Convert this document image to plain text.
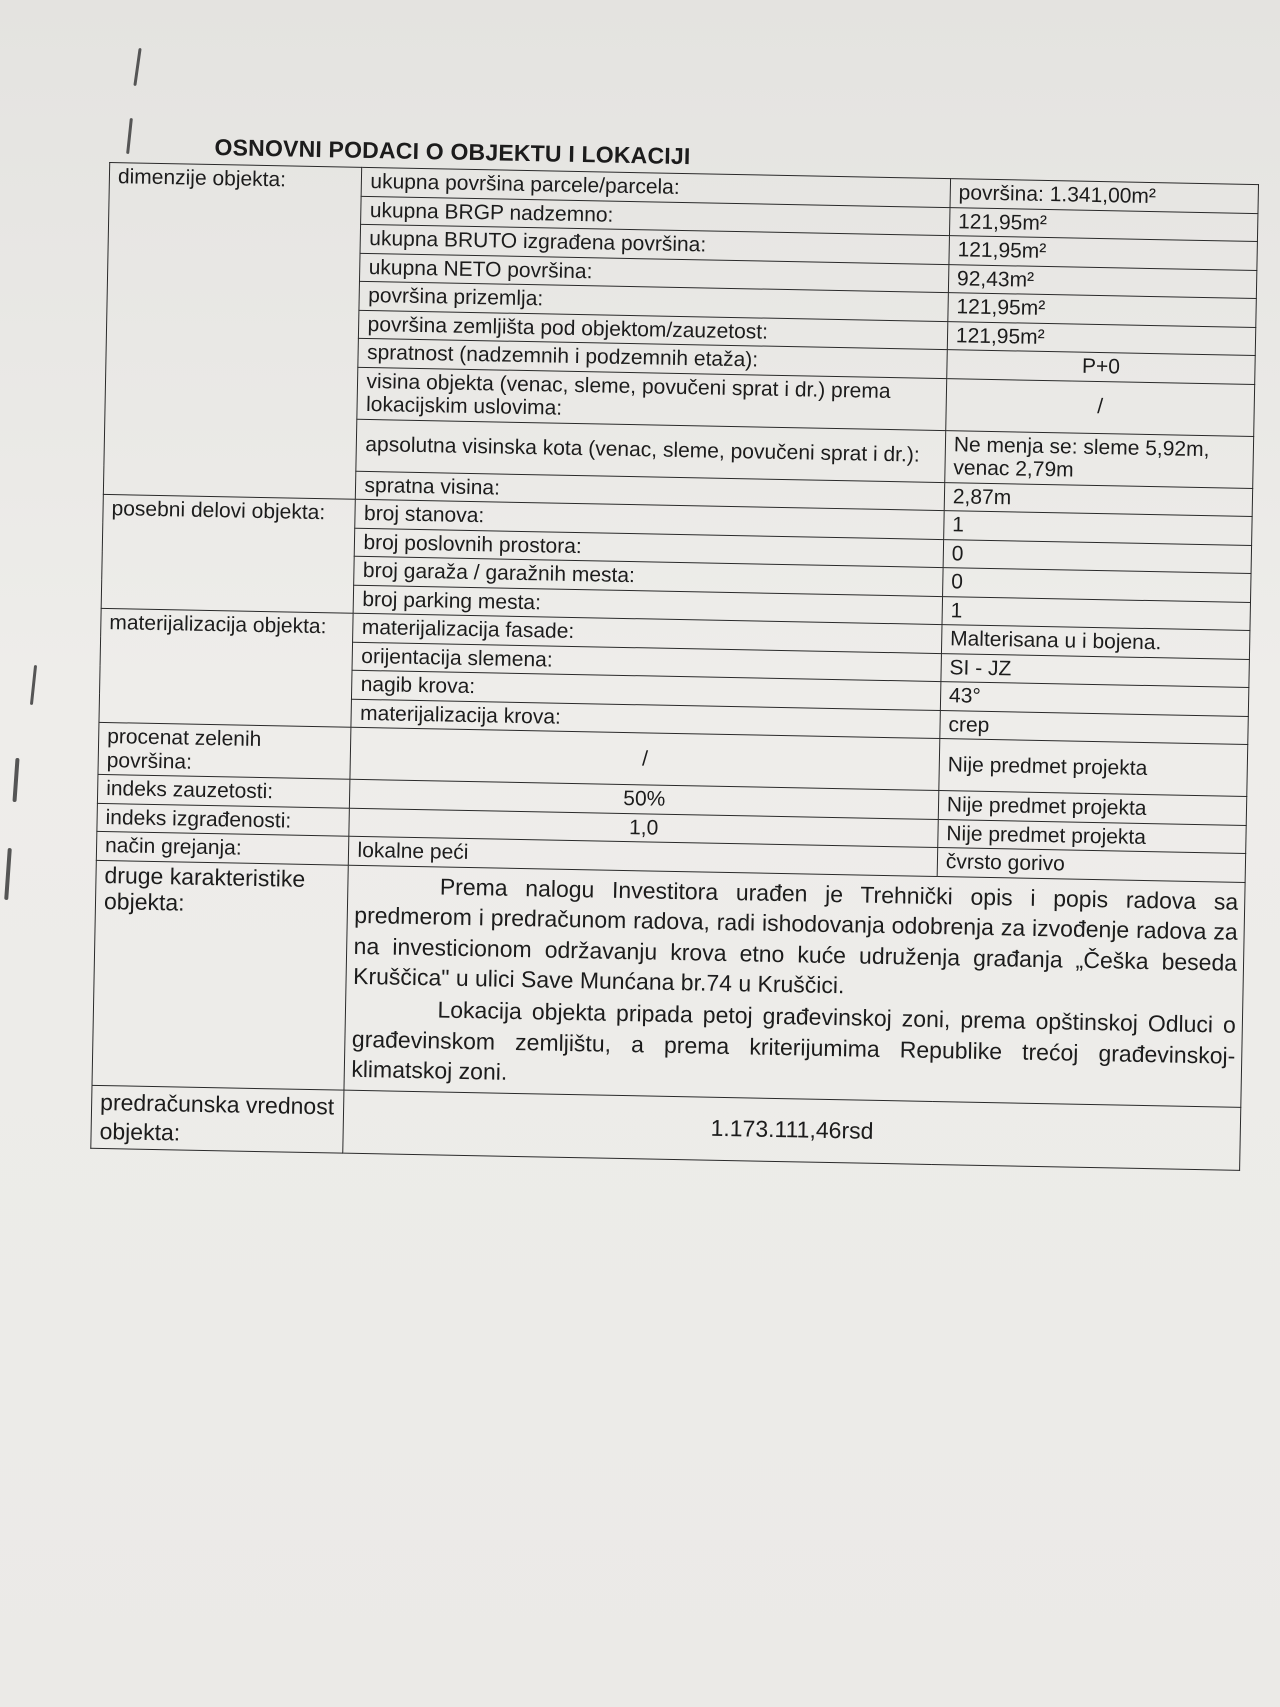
OSNOVNI PODACI O OBJEKTU I LOKACIJI
dimenzije objekta:	ukupna površina parcele/parcela:	površina: 1.341,00m²
	ukupna BRGP nadzemno:	121,95m²
	ukupna BRUTO izgrađena površina:	121,95m²
	ukupna NETO površina:	92,43m²
	površina prizemlja:	121,95m²
	površina zemljišta pod objektom/zauzetost:	121,95m²
	spratnost (nadzemnih i podzemnih etaža):	P+0
	visina objekta (venac, sleme, povučeni sprat i dr.) prema lokacijskim uslovima:	/
	apsolutna visinska kota (venac, sleme, povučeni sprat i dr.):	Ne menja se: sleme 5,92m, venac 2,79m
	spratna visina:	2,87m
posebni delovi objekta:	broj stanova:	1
	broj poslovnih prostora:	0
	broj garaža / garažnih mesta:	0
	broj parking mesta:	1
materijalizacija objekta:	materijalizacija fasade:	Malterisana u i bojena.
	orijentacija slemena:	SI - JZ
	nagib krova:	43°
	materijalizacija krova:	crep
procenat zelenih površina:	/	Nije predmet projekta
indeks zauzetosti:	50%	Nije predmet projekta
indeks izgrađenosti:	1,0	Nije predmet projekta
način grejanja:	lokalne peći	čvrsto gorivo
druge karakteristike objekta:	Prema nalogu Investitora urađen je Trehnički opis i popis radova sa predmerom i predračunom radova, radi ishodovanja odobrenja za izvođenje radova za na investicionom održavanju krova etno kuće udruženja građanja „Češka beseda Kruščica" u ulici Save Munćana br.74 u Kruščici.

Lokacija objekta pripada petoj građevinskoj zoni, prema opštinskoj Odluci o građevinskom zemljištu, a prema kriterijumima Republike trećoj građevinskoj-klimatskoj zoni.	

predračunska vrednost objekta:	1.173.111,46rsd	
